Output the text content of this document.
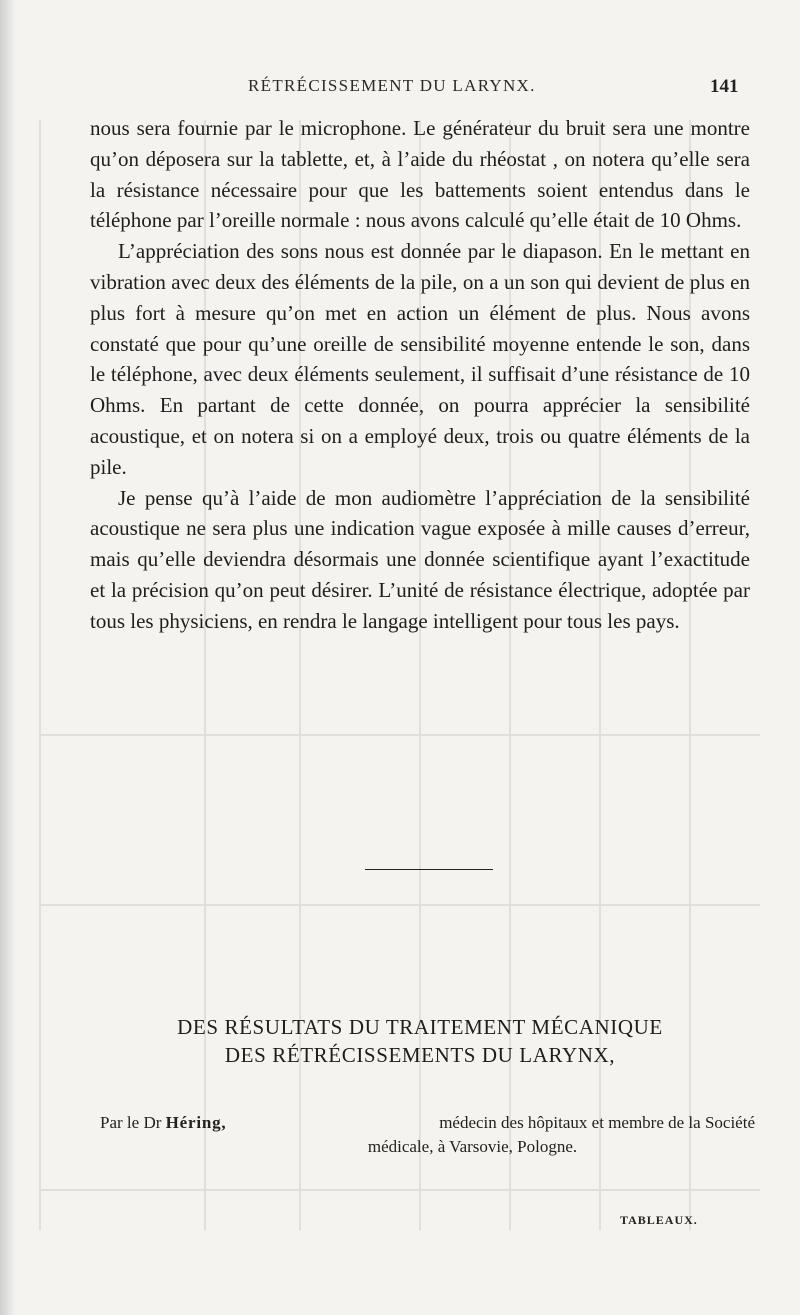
RÉTRÉCISSEMENT DU LARYNX.	141

nous sera fournie par le microphone. Le générateur du bruit sera une montre qu’on déposera sur la tablette, et, à l’aide du rhéostat , on notera qu’elle sera la résistance nécessaire pour que les battements soient entendus dans le téléphone par l’oreille normale : nous avons calculé qu’elle était de 10 Ohms.

L’appréciation des sons nous est donnée par le diapason. En le mettant en vibration avec deux des éléments de la pile, on a un son qui devient de plus en plus fort à mesure qu’on met en action un élément de plus. Nous avons constaté que pour qu’une oreille de sensibilité moyenne entende le son, dans le téléphone, avec deux éléments seulement, il suffisait d’une résistance de 10 Ohms. En partant de cette donnée, on pourra apprécier la sensibilité acoustique, et on notera si on a employé deux, trois ou quatre éléments de la pile.

Je pense qu’à l’aide de mon audiomètre l’appréciation de la sensibilité acoustique ne sera plus une indication vague exposée à mille causes d’erreur, mais qu’elle deviendra désormais une donnée scientifique ayant l’exactitude et la précision qu’on peut désirer. L’unité de résistance électrique, adoptée par tous les physiciens, en rendra le langage intelligent pour tous les pays.

DES RÉSULTATS DU TRAITEMENT MÉCANIQUE
DES RÉTRÉCISSEMENTS DU LARYNX,
Par le Dr Héring,	médecin des hôpitaux et membre de la Société
médicale, à Varsovie, Pologne.
TABLEAUX.
